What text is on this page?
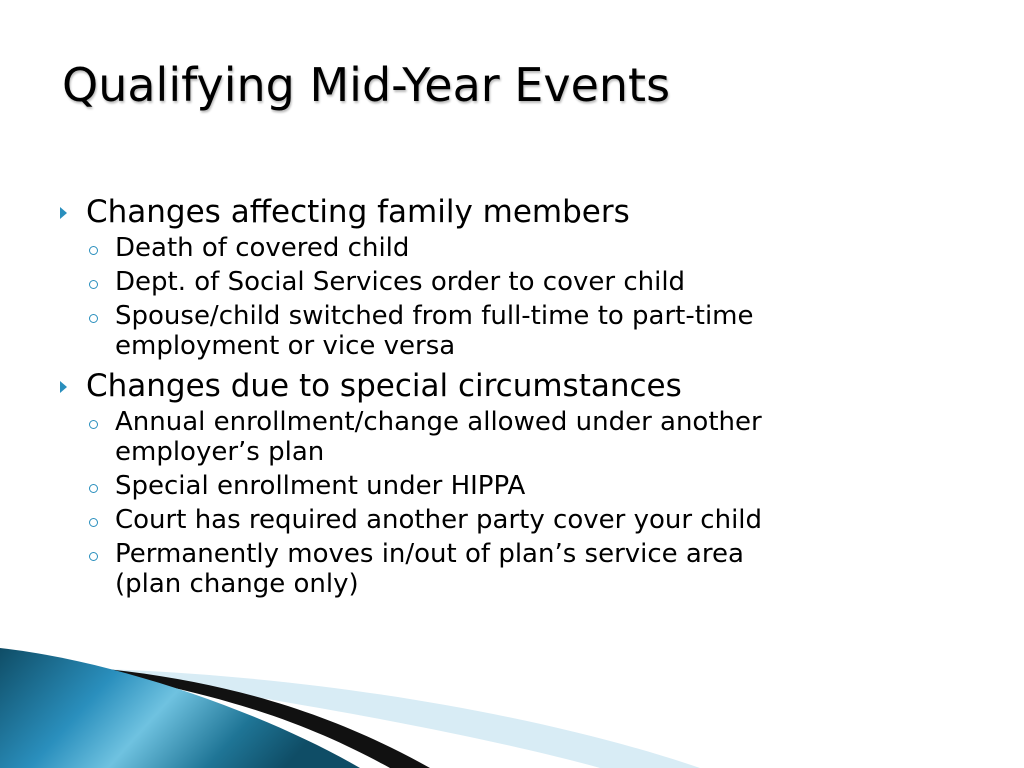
Qualifying Mid-Year Events
Changes affecting family members
Death of covered child
Dept. of Social Services order to cover child
Spouse/child switched from full-time to part-time
employment or vice versa
Changes due to special circumstances
Annual enrollment/change allowed under another
employer’s plan
Special enrollment under HIPPA
Court has required another party cover your child
Permanently moves in/out of plan’s service area
(plan change only)
